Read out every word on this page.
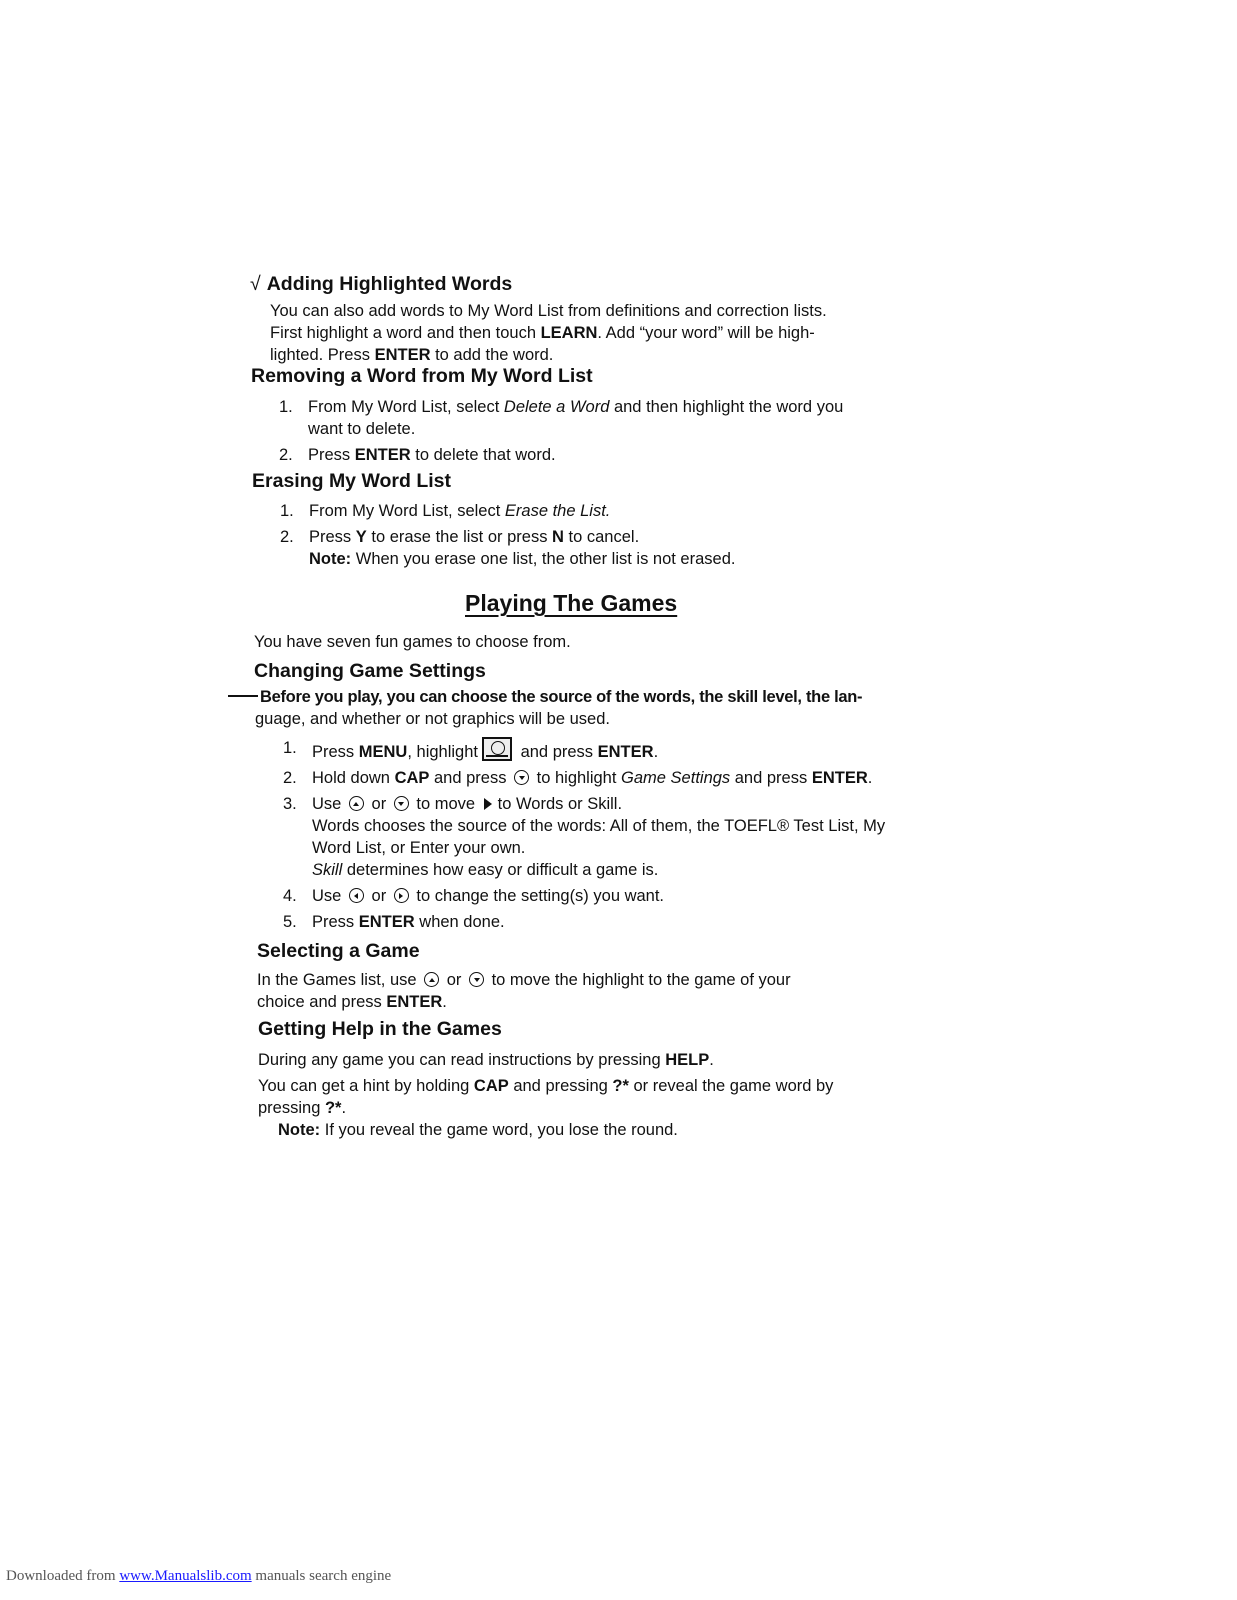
√ Adding Highlighted Words

You can also add words to My Word List from definitions and correction lists.

First highlight a word and then touch LEARN. Add “your word” will be high-

lighted. Press ENTER to add the word.

Removing a Word from My Word List
1. From My Word List, select Delete a Word and then highlight the word you want to delete.
2. Press ENTER to delete that word.
Erasing My Word List
1. From My Word List, select Erase the List.
2. Press Y to erase the list or press N to cancel.
Note: When you erase one list, the other list is not erased.
Playing The Games

You have seven fun games to choose from.

Changing Game Settings

Before you play, you can choose the source of the words, the skill level, the lan-

guage, and whether or not graphics will be used.

1. Press MENU, highlight and press ENTER.
2. Hold down CAP and press  to highlight Game Settings and press ENTER.
3. Use  or  to move to Words or Skill.
Words chooses the source of the words: All of them, the TOEFL® Test List, My Word List, or Enter your own.
Skill determines how easy or difficult a game is.
4. Use  or  to change the setting(s) you want.
5. Press ENTER when done.
Selecting a Game

In the Games list, use  or  to move the highlight to the game of your

choice and press ENTER.

Getting Help in the Games

During any game you can read instructions by pressing HELP.

You can get a hint by holding CAP and pressing ?* or reveal the game word by

pressing ?*.

Note: If you reveal the game word, you lose the round.

Downloaded from www.Manualslib.com manuals search engine
